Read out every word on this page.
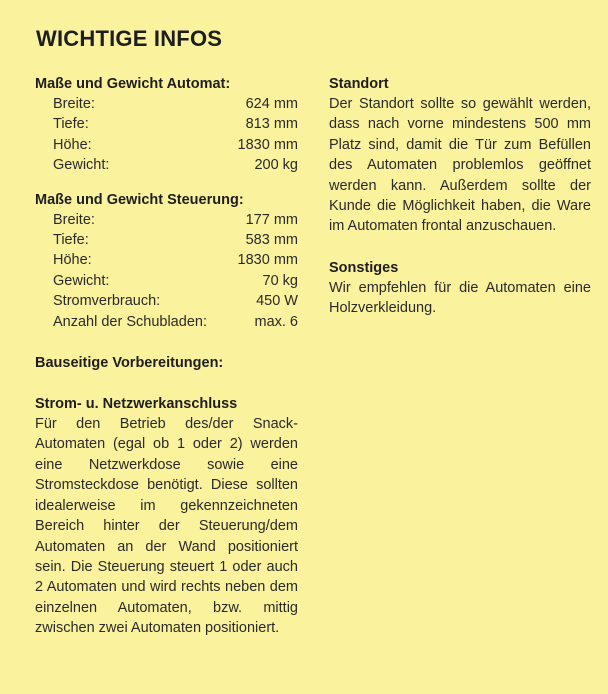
WICHTIGE INFOS
Maße und Gewicht Automat:
Breite:	624 mm
Tiefe:	813 mm
Höhe:	1830 mm
Gewicht:	200 kg
Maße und Gewicht Steuerung:
Breite:	177 mm
Tiefe:	583 mm
Höhe:	1830 mm
Gewicht:	70 kg
Stromverbrauch:	450 W
Anzahl der Schubladen:	max. 6
Bauseitige Vorbereitungen:
Strom- u. Netzwerkanschluss
Für den Betrieb des/der Snack-Automaten (egal ob 1 oder 2) werden eine Netzwerkdose sowie eine Stromsteckdose benötigt. Diese sollten idealerweise im gekennzeichneten Bereich hinter der Steuerung/dem Automaten an der Wand positioniert sein. Die Steuerung steuert 1 oder auch 2 Automaten und wird rechts neben dem einzelnen Automaten, bzw. mittig zwischen zwei Automaten positioniert.
Standort
Der Standort sollte so gewählt werden, dass nach vorne mindestens 500 mm Platz sind, damit die Tür zum Befüllen des Automaten problemlos geöffnet werden kann. Außerdem sollte der Kunde die Möglichkeit haben, die Ware im Automaten frontal anzuschauen.
Sonstiges
Wir empfehlen für die Automaten eine Holzverkleidung.
